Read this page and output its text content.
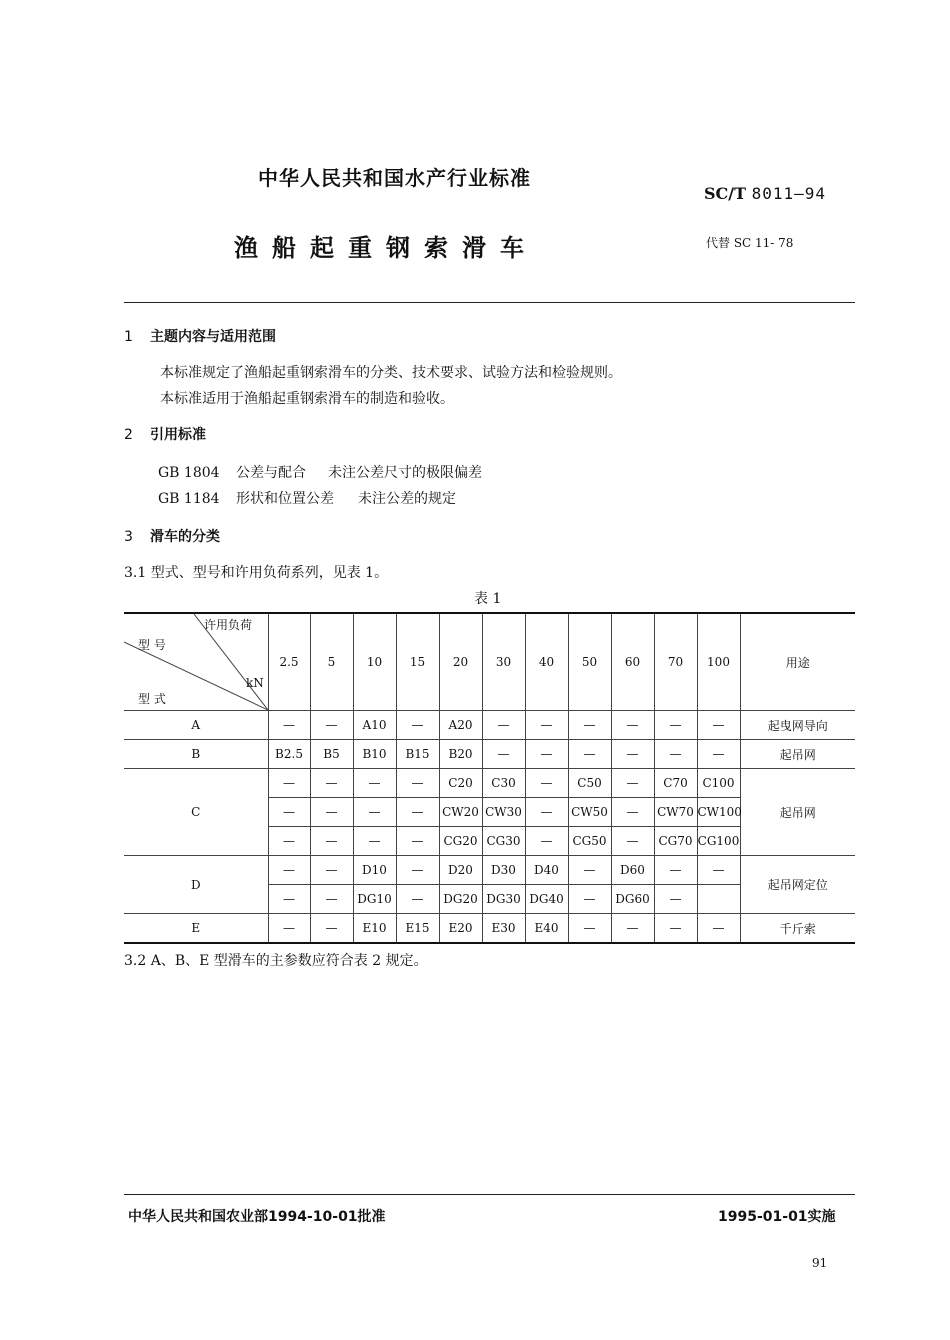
中华人民共和国水产行业标准
SC/T 8011—94
渔船起重钢索滑车	代替 SC 11- 78
1 主题内容与适用范围
本标准规定了渔船起重钢索滑车的分类、技术要求、试验方法和检验规则。
本标准适用于渔船起重钢索滑车的制造和验收。
2 引用标准
GB 1804 公差与配合 未注公差尺寸的极限偏差
GB 1184 形状和位置公差 未注公差的规定
3 滑车的分类
3.1 型式、型号和许用负荷系列，见表 1。
表 1
许用负荷
kN
型 号
型 式	2.5	5	10	15	20	30	40	50	60	70	100	用途
A	—	—	A10	—	A20	—	—	—	—	—	—	起曳网导向
B	B2.5	B5	B10	B15	B20	—	—	—	—	—	—	起吊网
C	—	—	—	—	C20	C30	—	C50	—	C70	C100	起吊网
	—	—	—	—	CW20	CW30	—	CW50	—	CW70	CW100	
	—	—	—	—	CG20	CG30	—	CG50	—	CG70	CG100	
D	—	—	D10	—	D20	D30	D40	—	D60	—	—	起吊网定位
	—	—	DG10	—	DG20	DG30	DG40	—	DG60	—		
E	—	—	E10	E15	E20	E30	E40	—	—	—	—	千斤索
3.2 A、B、E 型滑车的主参数应符合表 2 规定。
中华人民共和国农业部1994-10-01批准	1995-01-01实施
91
